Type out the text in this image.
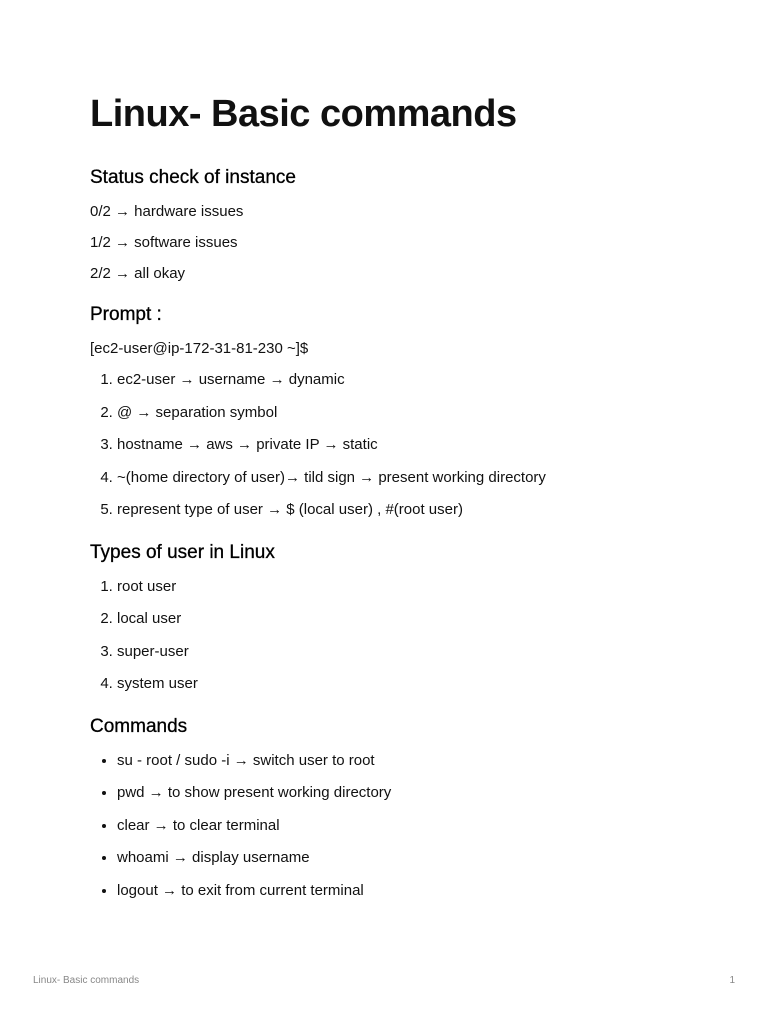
Linux- Basic commands
Status check of instance

0/2 → hardware issues

1/2 → software issues

2/2 → all okay

Prompt :

[ec2-user@ip-172-31-81-230 ~]$

1. ec2-user → username → dynamic
2. @ → separation symbol
3. hostname → aws → private IP → static
4. ~(home directory of user)→ tild sign → present working directory
5. represent type of user → $ (local user) , #(root user)
Types of user in Linux
1. root user
2. local user
3. super-user
4. system user
Commands
• su - root / sudo -i → switch user to root
• pwd → to show present working directory
• clear → to clear terminal
• whoami → display username
• logout → to exit from current terminal
Linux- Basic commands	1
